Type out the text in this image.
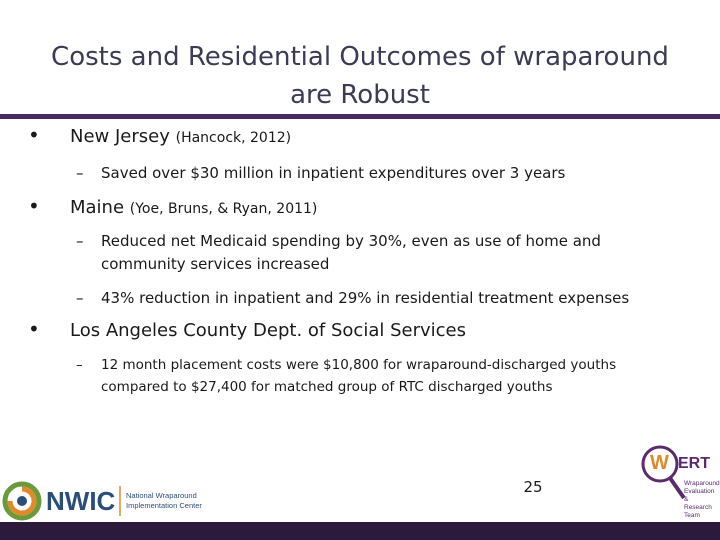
Costs and Residential Outcomes of wraparound
are Robust
• New Jersey (Hancock, 2012)
– Saved over $30 million in inpatient expenditures over 3 years
• Maine (Yoe, Bruns, & Ryan, 2011)
– Reduced net Medicaid spending by 30%, even as use of home and community services increased
– 43% reduction in inpatient and 29% in residential treatment expenses
• Los Angeles County Dept. of Social Services
– 12 month placement costs were $10,800 for wraparound-discharged youths compared to $27,400 for matched group of RTC discharged youths
NWIC National Wraparound
Implementation Center
W ERT
Wraparound
Evaluation &
Research
Team
25
